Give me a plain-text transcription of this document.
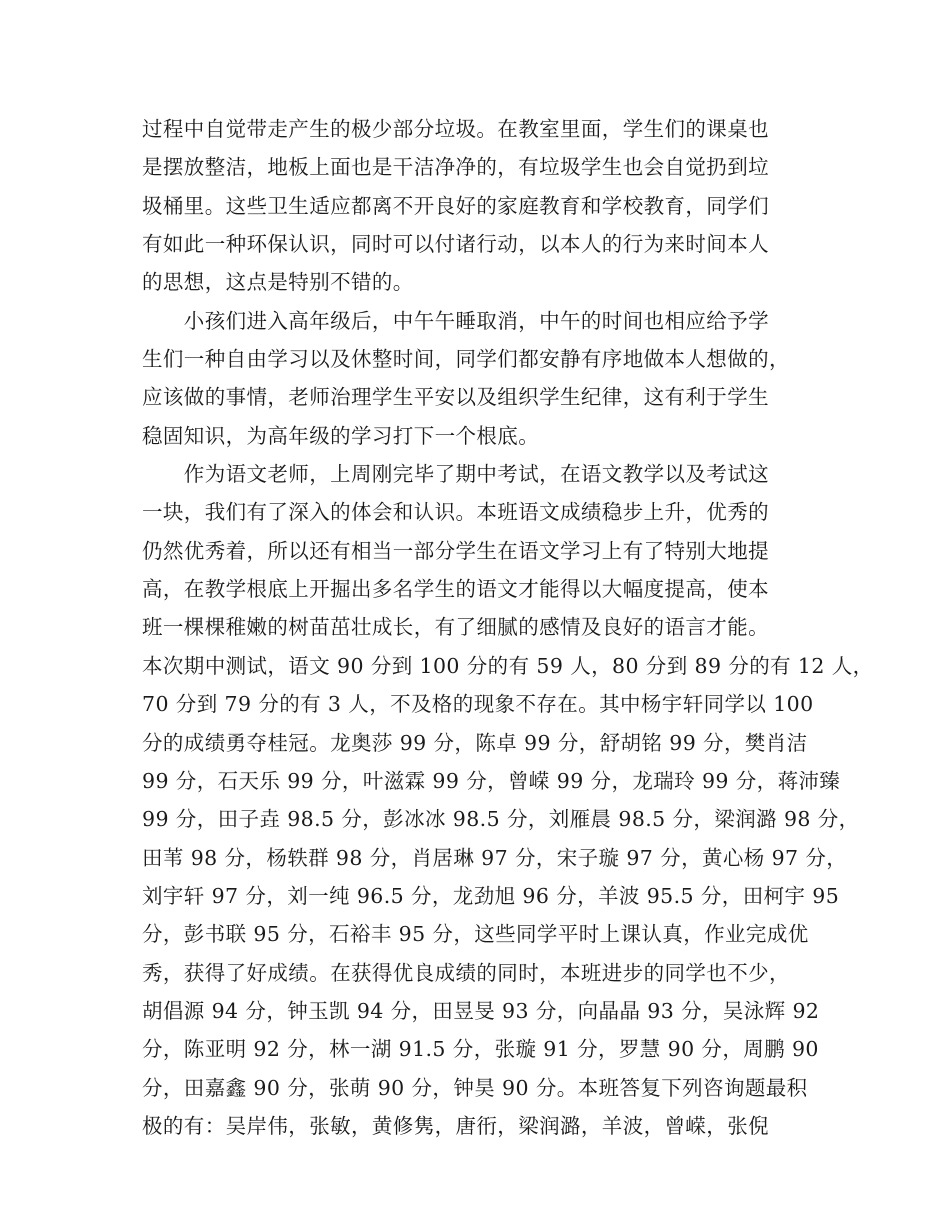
过程中自觉带走产生的极少部分垃圾。在教室里面，学生们的课桌也
是摆放整洁，地板上面也是干洁净净的，有垃圾学生也会自觉扔到垃
圾桶里。这些卫生适应都离不开良好的家庭教育和学校教育，同学们
有如此一种环保认识，同时可以付诸行动，以本人的行为来时间本人
的思想，这点是特别不错的。
　　小孩们进入高年级后，中午午睡取消，中午的时间也相应给予学
生们一种自由学习以及休整时间，同学们都安静有序地做本人想做的，
应该做的事情，老师治理学生平安以及组织学生纪律，这有利于学生
稳固知识，为高年级的学习打下一个根底。
　　作为语文老师，上周刚完毕了期中考试，在语文教学以及考试这
一块，我们有了深入的体会和认识。本班语文成绩稳步上升，优秀的
仍然优秀着，所以还有相当一部分学生在语文学习上有了特别大地提
高，在教学根底上开掘出多名学生的语文才能得以大幅度提高，使本
班一棵棵稚嫩的树苗茁壮成长，有了细腻的感情及良好的语言才能。
本次期中测试，语文 90 分到 100 分的有 59 人，80 分到 89 分的有 12 人，
70 分到 79 分的有 3 人，不及格的现象不存在。其中杨宇轩同学以 100
分的成绩勇夺桂冠。龙奥莎 99 分，陈卓 99 分，舒胡铭 99 分，樊肖洁
99 分，石天乐 99 分，叶滋霖 99 分，曾嵘 99 分，龙瑞玲 99 分，蒋沛臻
99 分，田子垚 98.5 分，彭冰冰 98.5 分，刘雁晨 98.5 分，梁润潞 98 分，
田苇 98 分，杨轶群 98 分，肖居琳 97 分，宋子璇 97 分，黄心杨 97 分，
刘宇轩 97 分，刘一纯 96.5 分，龙劲旭 96 分，羊波 95.5 分，田柯宇 95
分，彭书联 95 分，石裕丰 95 分，这些同学平时上课认真，作业完成优
秀，获得了好成绩。在获得优良成绩的同时，本班进步的同学也不少，
胡倡源 94 分，钟玉凯 94 分，田昱旻 93 分，向晶晶 93 分，吴泳辉 92
分，陈亚明 92 分，林一湖 91.5 分，张璇 91 分，罗慧 90 分，周鹏 90
分，田嘉鑫 90 分，张萌 90 分，钟昊 90 分。本班答复下列咨询题最积
极的有：吴岸伟，张敏，黄修隽，唐衎，梁润潞，羊波，曾嵘，张倪
